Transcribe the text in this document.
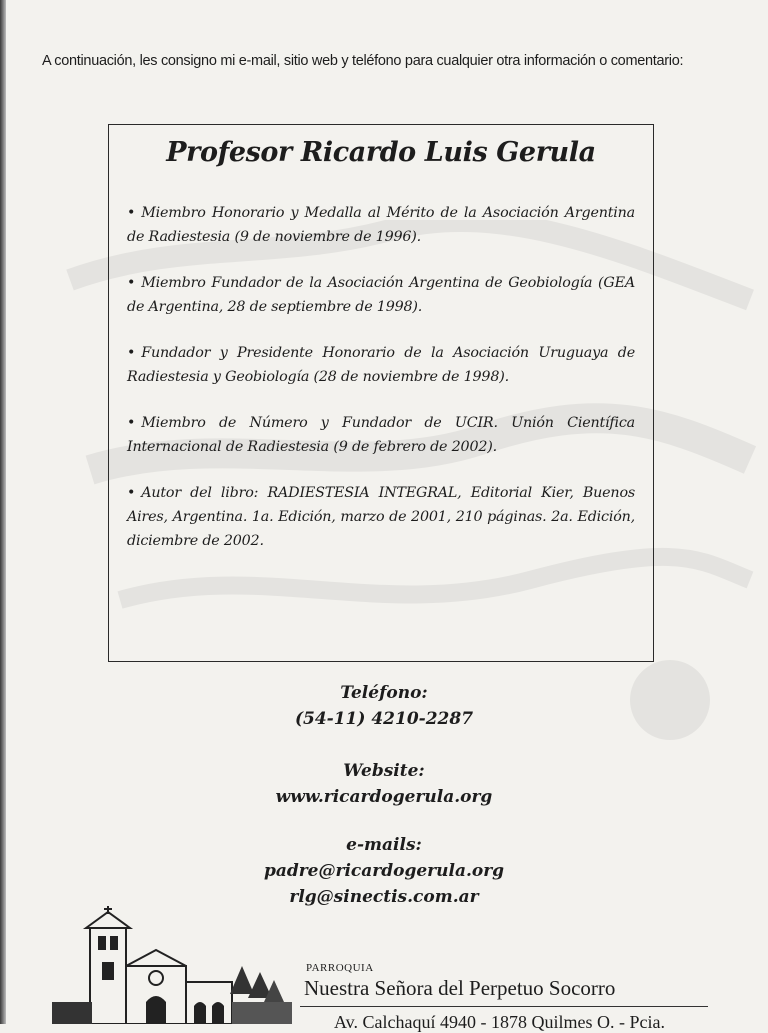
A continuación, les consigno mi e-mail, sitio web y teléfono para cualquier otra información o comentario:

Profesor Ricardo Luis Gerula
• Miembro Honorario y Medalla al Mérito de la Asociación Argentina de Radiestesia (9 de noviembre de 1996).
• Miembro Fundador de la Asociación Argentina de Geobiología (GEA de Argentina, 28 de septiembre de 1998).
• Fundador y Presidente Honorario de la Asociación Uruguaya de Radiestesia y Geobiología (28 de noviembre de 1998).
• Miembro de Número y Fundador de UCIR. Unión Científica Internacional de Radiestesia (9 de febrero de 2002).
• Autor del libro: RADIESTESIA INTEGRAL, Editorial Kier, Buenos Aires, Argentina. 1a. Edición, marzo de 2001, 210 páginas. 2a. Edición, diciembre de 2002.

Teléfono:

(54-11) 4210-2287

Website:

www.ricardogerula.org

e-mails:

padre@ricardogerula.org

rlg@sinectis.com.ar

PARROQUIA

Nuestra Señora del Perpetuo Socorro

Av. Calchaquí 4940 - 1878 Quilmes O. - Pcia.
